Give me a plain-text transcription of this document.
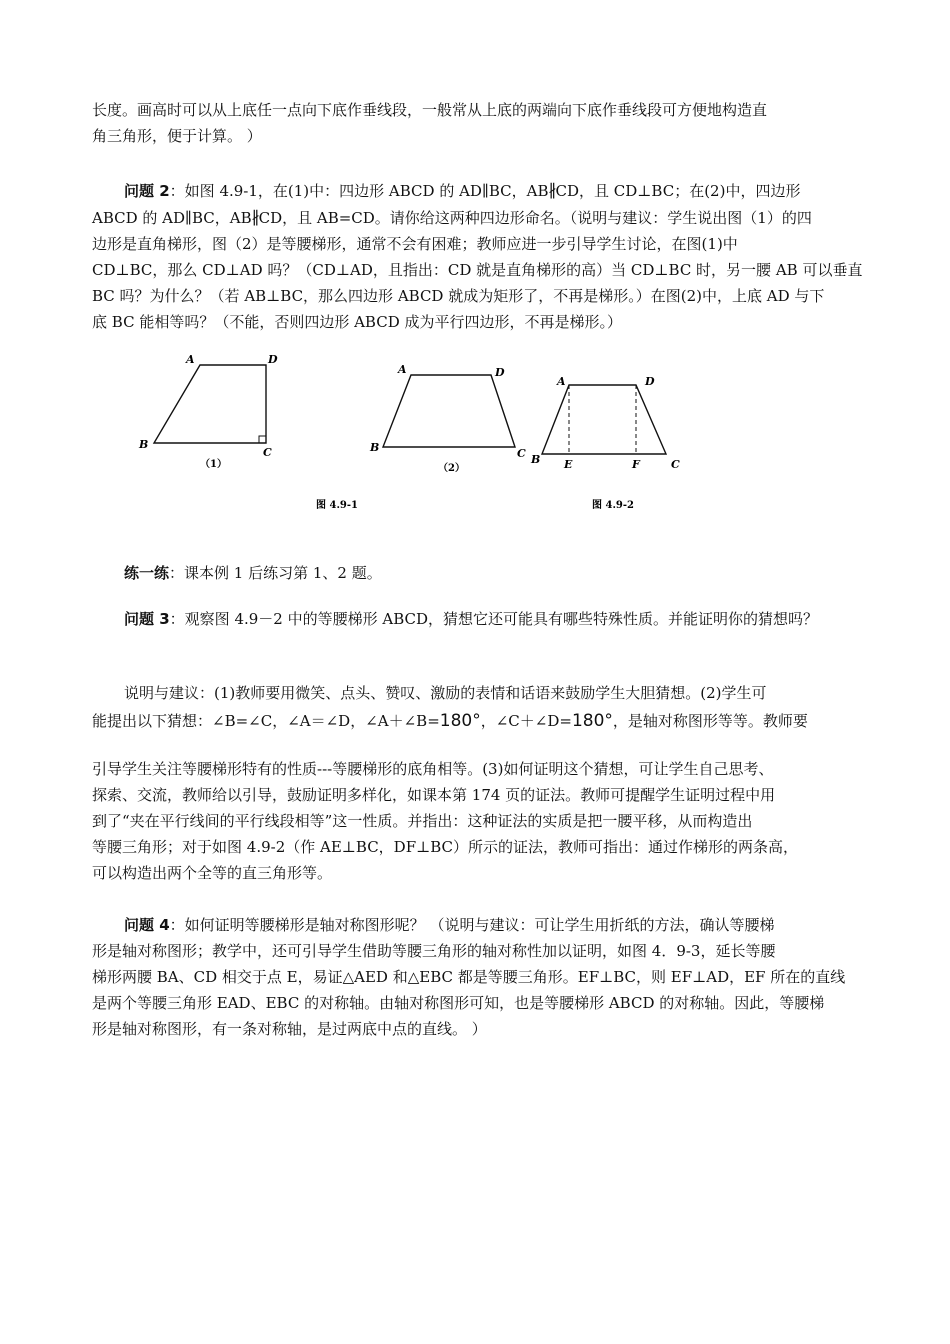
长度。画高时可以从上底任一点向下底作垂线段，一般常从上底的两端向下底作垂线段可方便地构造直
角三角形，便于计算。 ）
问题 2：如图 4.9-1，在(1)中：四边形 ABCD 的 AD∥BC，AB∦ CD，且 CD⊥BC；在(2)中，四边形
ABCD 的 AD∥BC，AB∦ CD，且 AB=CD。请你给这两种四边形命名。（说明与建议：学生说出图（1）的四
边形是直角梯形，图（2）是等腰梯形，通常不会有困难；教师应进一步引导学生讨论，在图(1)中
CD⊥BC，那么 CD⊥AD 吗？（CD⊥AD，且指出：CD 就是直角梯形的高）当 CD⊥BC 时，另一腰 AB 可以垂直
BC 吗？为什么？（若 AB⊥BC，那么四边形 ABCD 就成为矩形了，不再是梯形。）在图(2)中，上底 AD 与下
底 BC 能相等吗？（不能，否则四边形 ABCD 成为平行四边形，不再是梯形。）
A	D
B
C
（1）
A	D
B	C
（2）
A	D
B E	F	C
图 4.9-1	图 4.9-2
练一练：课本例 1 后练习第 1、2 题。
问题 3：观察图 4.9－2 中的等腰梯形 ABCD，猜想它还可能具有哪些特殊性质。并能证明你的猜想吗？
说明与建议：(1)教师要用微笑、点头、赞叹、激励的表情和话语来鼓励学生大胆猜想。(2)学生可
能提出以下猜想：∠B=∠C，∠A＝∠D，∠A＋∠B=180°，∠C＋∠D=180°，是轴对称图形等等。教师要
引导学生关注等腰梯形特有的性质---等腰梯形的底角相等。(3)如何证明这个猜想，可让学生自己思考、
探索、交流，教师给以引导，鼓励证明多样化，如课本第 174 页的证法。教师可提醒学生证明过程中用
到了“夹在平行线间的平行线段相等”这一性质。并指出：这种证法的实质是把一腰平移，从而构造出
等腰三角形；对于如图 4.9-2（作 AE⊥BC，DF⊥BC）所示的证法，教师可指出：通过作梯形的两条高，
可以构造出两个全等的直三角形等。
问题 4：如何证明等腰梯形是轴对称图形呢？ （说明与建议：可让学生用折纸的方法，确认等腰梯
形是轴对称图形；教学中，还可引导学生借助等腰三角形的轴对称性加以证明，如图 4．9-3，延长等腰
梯形两腰 BA、CD 相交于点 E，易证△AED 和△EBC 都是等腰三角形。EF⊥BC，则 EF⊥AD，EF 所在的直线
是两个等腰三角形 EAD、EBC 的对称轴。由轴对称图形可知，也是等腰梯形 ABCD 的对称轴。因此，等腰梯
形是轴对称图形，有一条对称轴，是过两底中点的直线。 ）
